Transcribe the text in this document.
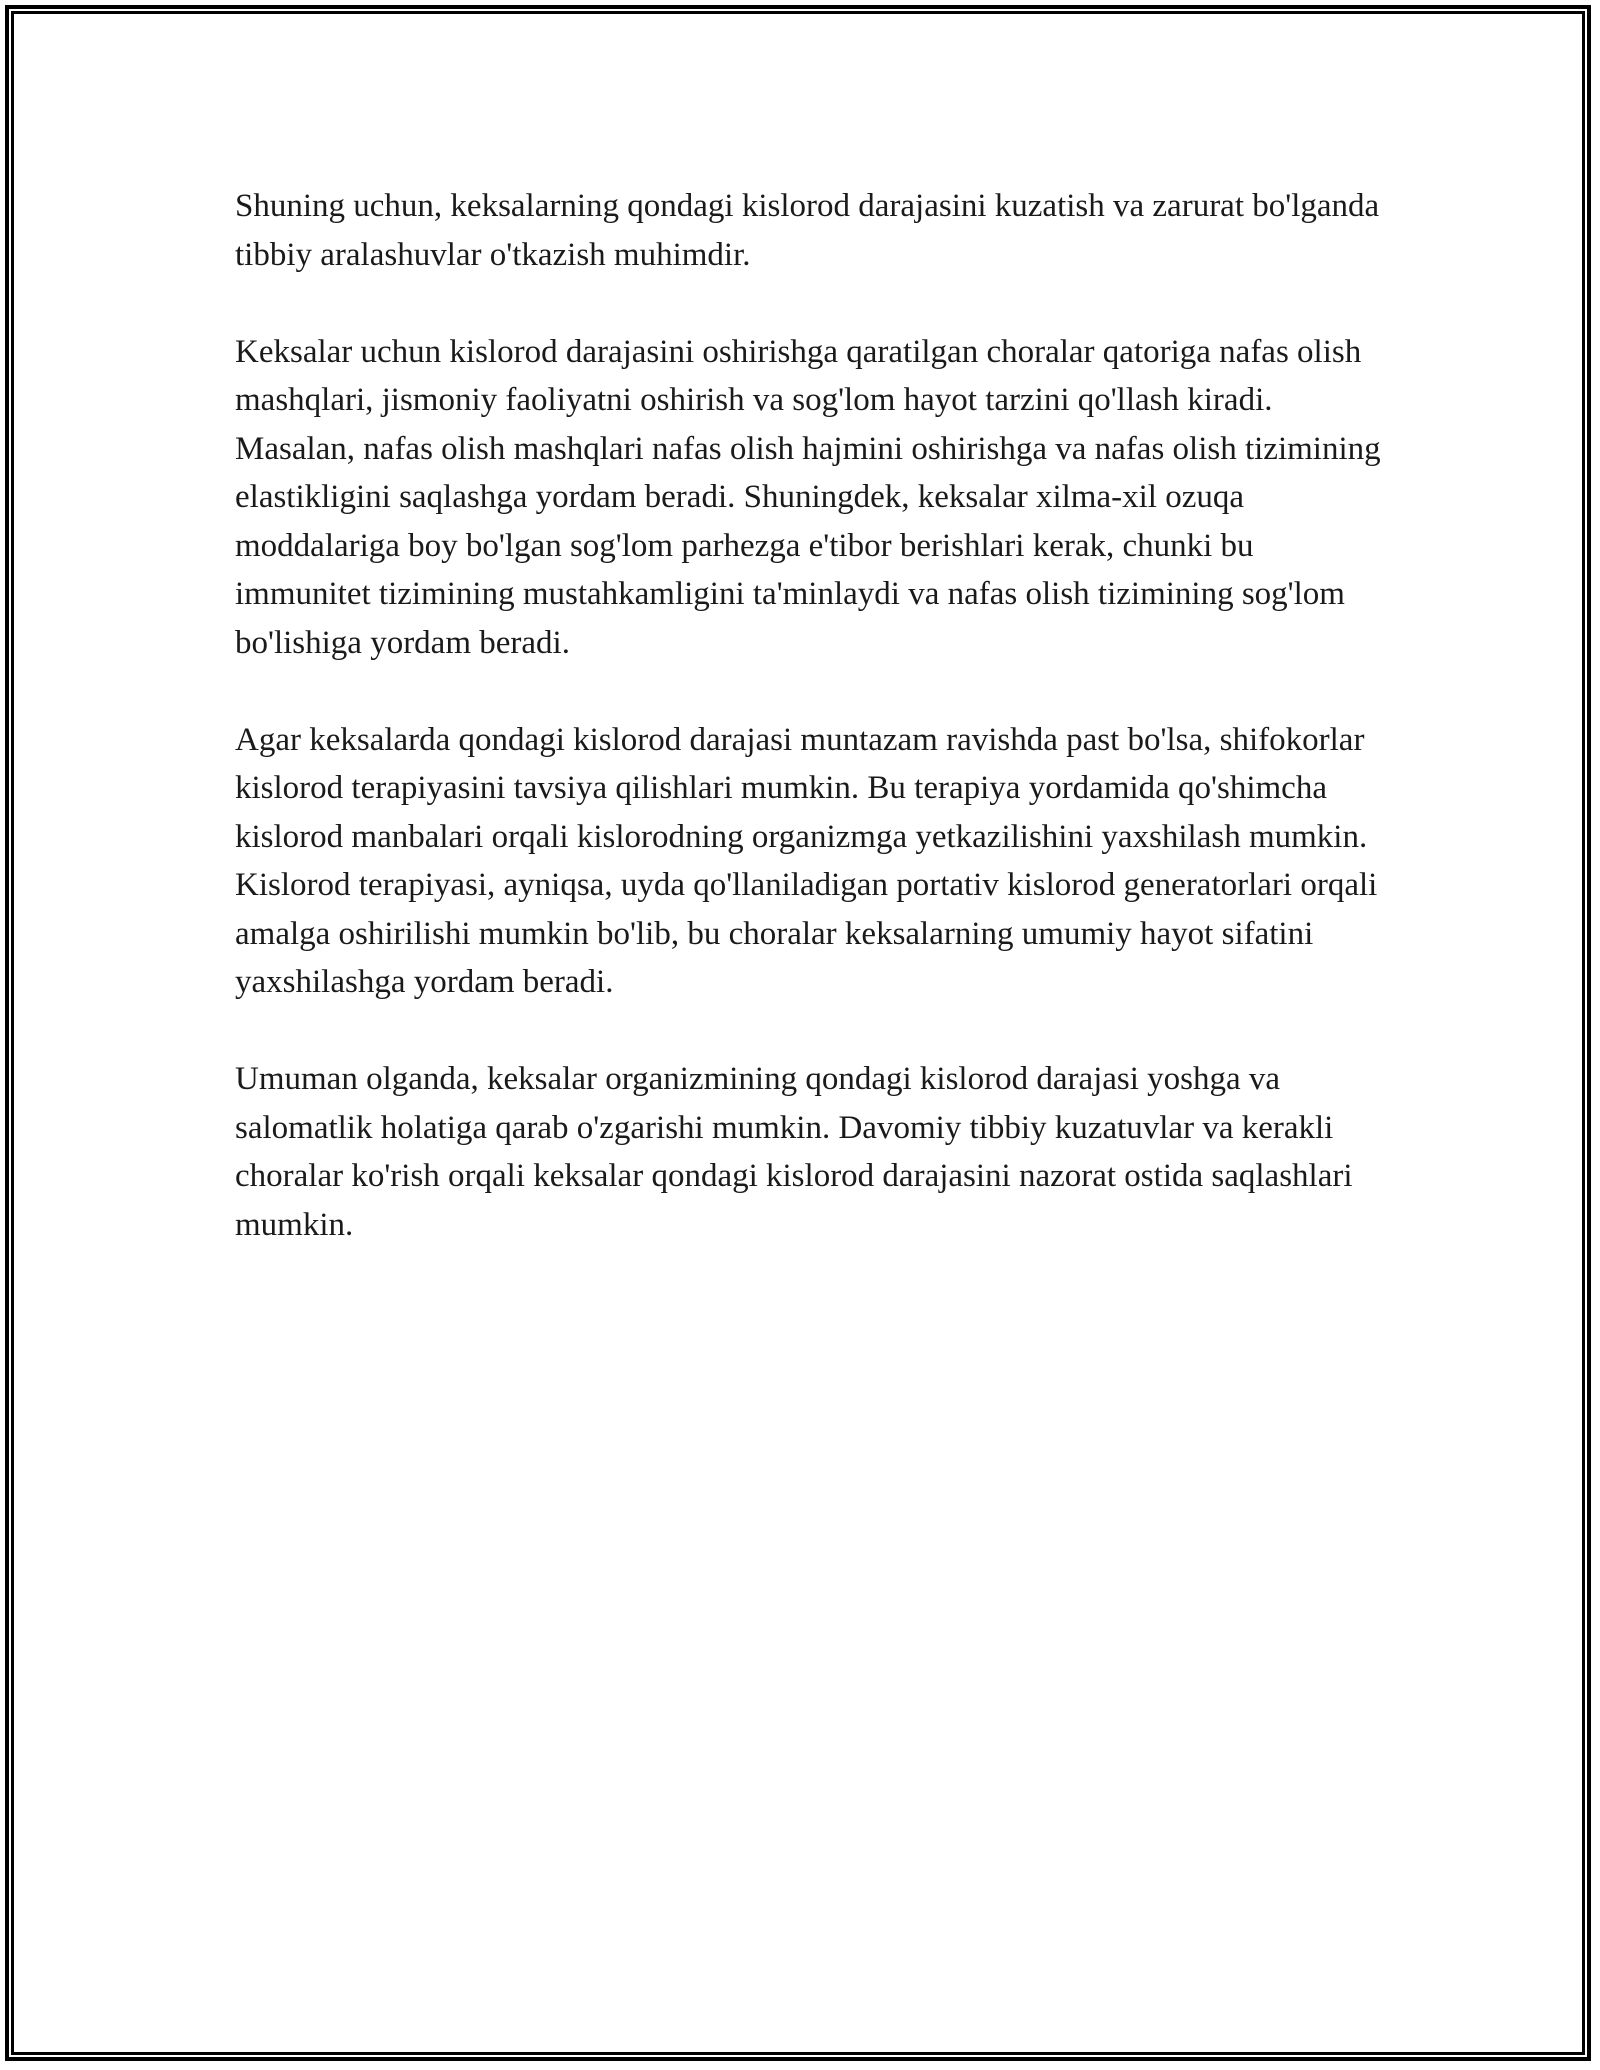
Shuning uchun, keksalarning qondagi kislorod darajasini kuzatish va zarurat bo'lganda tibbiy aralashuvlar o'tkazish muhimdir.

Keksalar uchun kislorod darajasini oshirishga qaratilgan choralar qatoriga nafas olish mashqlari, jismoniy faoliyatni oshirish va sog'lom hayot tarzini qo'llash kiradi. Masalan, nafas olish mashqlari nafas olish hajmini oshirishga va nafas olish tizimining elastikligini saqlashga yordam beradi. Shuningdek, keksalar xilma-xil ozuqa moddalariga boy bo'lgan sog'lom parhezga e'tibor berishlari kerak, chunki bu immunitet tizimining mustahkamligini ta'minlaydi va nafas olish tizimining sog'lom bo'lishiga yordam beradi.

Agar keksalarda qondagi kislorod darajasi muntazam ravishda past bo'lsa, shifokorlar kislorod terapiyasini tavsiya qilishlari mumkin. Bu terapiya yordamida qo'shimcha kislorod manbalari orqali kislorodning organizmga yetkazilishini yaxshilash mumkin. Kislorod terapiyasi, ayniqsa, uyda qo'llaniladigan portativ kislorod generatorlari orqali amalga oshirilishi mumkin bo'lib, bu choralar keksalarning umumiy hayot sifatini yaxshilashga yordam beradi.

Umuman olganda, keksalar organizmining qondagi kislorod darajasi yoshga va salomatlik holatiga qarab o'zgarishi mumkin. Davomiy tibbiy kuzatuvlar va kerakli choralar ko'rish orqali keksalar qondagi kislorod darajasini nazorat ostida saqlashlari mumkin.
